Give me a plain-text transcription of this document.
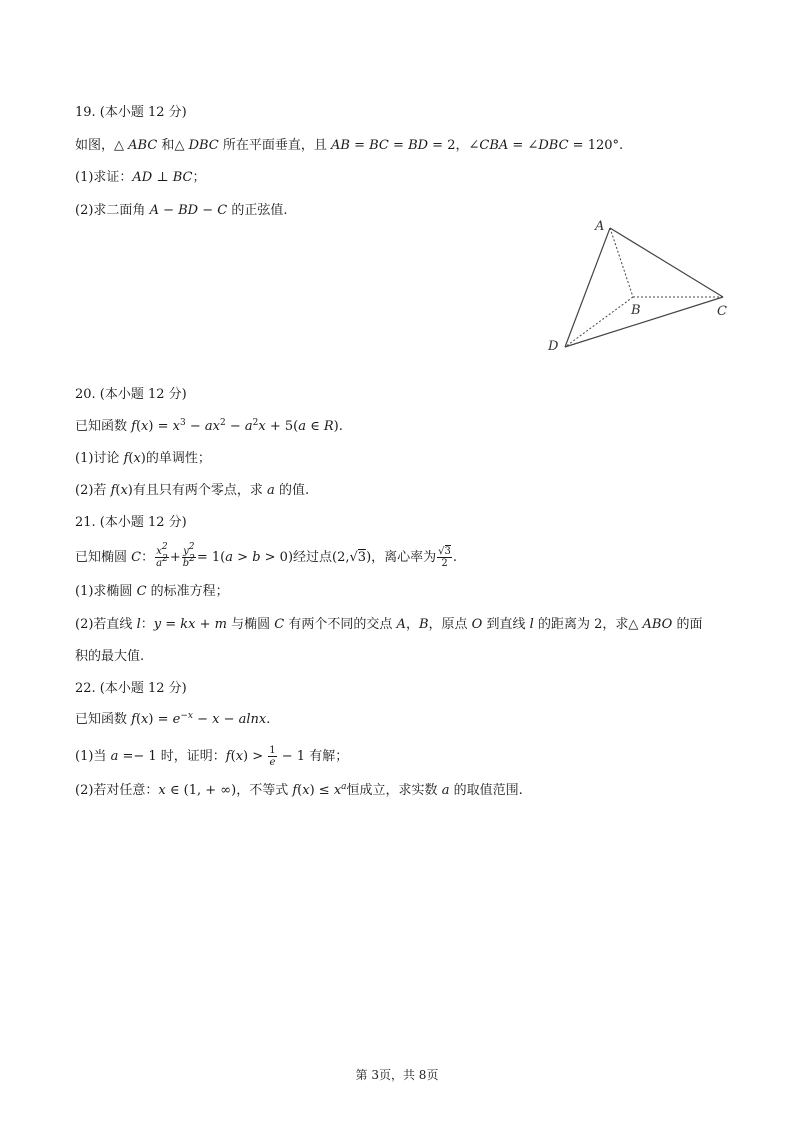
19. (本小题 12 分)
如图，△ ABC 和△ DBC 所在平面垂直，且 AB = BC = BD = 2，∠CBA = ∠DBC = 120°.
(1)求证：AD ⊥ BC；
(2)求二面角 A − BD − C 的正弦值.
A
B	C
D
20. (本小题 12 分)
已知函数 $f(x) = x^3 - ax^2 - a^2x + 5(a$ ∈ R).
(1)讨论 f(x)的单调性；
(2)若 f(x)有且只有两个零点，求 a 的值.
21. (本小题 12 分)
已知椭圆 C： $\frac{x^2}{a^2} + \frac{y^2}{b^2} = 1(a > b > 0)$经过点(2,√3)，离心率为 $\frac{√3}{2}$ .
(1)求椭圆 C 的标准方程；
(2)若直线 l：y = kx + m 与椭圆 C 有两个不同的交点 A，B，原点 O 到直线 l 的距离为 2，求△ ABO 的面
积的最大值.
22. (本小题 12 分)
已知函数 $f(x) = e^{-x} - x - alnx$.
(1)当 a =− 1 时，证明：$f(x) > \frac{1}{e} - 1$ 有解；
(2)若对任意：x ∈ (1, + ∞)，不等式 $f(x) \le x^a$恒成立，求实数 a 的取值范围.
第 3页，共 8页
